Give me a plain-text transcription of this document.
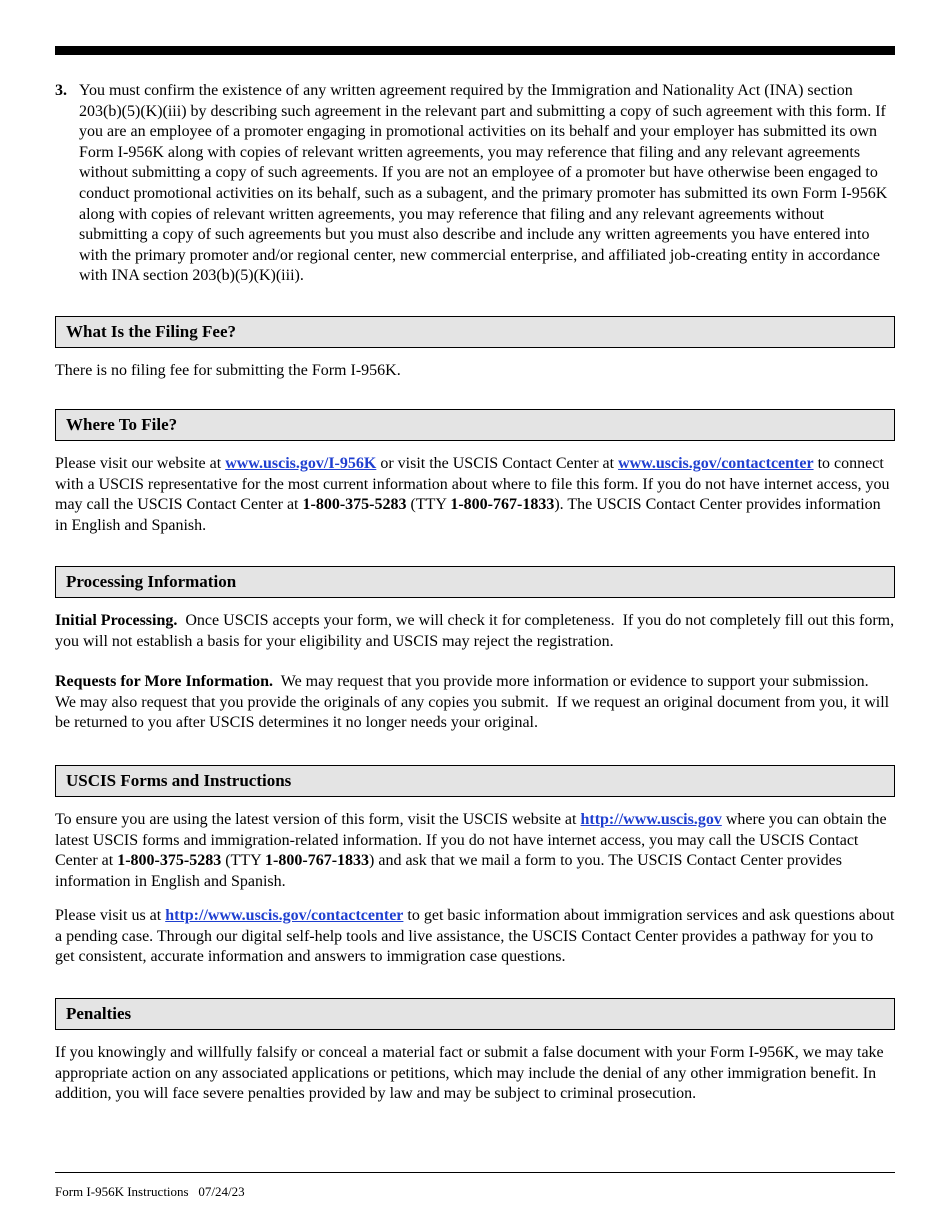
3. You must confirm the existence of any written agreement required by the Immigration and Nationality Act (INA) section 203(b)(5)(K)(iii) by describing such agreement in the relevant part and submitting a copy of such agreement with this form. If you are an employee of a promoter engaging in promotional activities on its behalf and your employer has submitted its own Form I-956K along with copies of relevant written agreements, you may reference that filing and any relevant agreements without submitting a copy of such agreements. If you are not an employee of a promoter but have otherwise been engaged to conduct promotional activities on its behalf, such as a subagent, and the primary promoter has submitted its own Form I-956K along with copies of relevant written agreements, you may reference that filing and any relevant agreements without submitting a copy of such agreements but you must also describe and include any written agreements you have entered into with the primary promoter and/or regional center, new commercial enterprise, and affiliated job-creating entity in accordance with INA section 203(b)(5)(K)(iii).

What Is the Filing Fee?

There is no filing fee for submitting the Form I-956K.

Where To File?

Please visit our website at www.uscis.gov/I-956K or visit the USCIS Contact Center at www.uscis.gov/contactcenter to connect with a USCIS representative for the most current information about where to file this form. If you do not have internet access, you may call the USCIS Contact Center at 1-800-375-5283 (TTY 1-800-767-1833). The USCIS Contact Center provides information in English and Spanish.

Processing Information

Initial Processing.  Once USCIS accepts your form, we will check it for completeness.  If you do not completely fill out this form, you will not establish a basis for your eligibility and USCIS may reject the registration.

Requests for More Information.  We may request that you provide more information or evidence to support your submission.  We may also request that you provide the originals of any copies you submit.  If we request an original document from you, it will be returned to you after USCIS determines it no longer needs your original.

USCIS Forms and Instructions

To ensure you are using the latest version of this form, visit the USCIS website at http://www.uscis.gov where you can obtain the latest USCIS forms and immigration-related information. If you do not have internet access, you may call the USCIS Contact Center at 1-800-375-5283 (TTY 1-800-767-1833) and ask that we mail a form to you. The USCIS Contact Center provides information in English and Spanish.

Please visit us at http://www.uscis.gov/contactcenter to get basic information about immigration services and ask questions about a pending case. Through our digital self-help tools and live assistance, the USCIS Contact Center provides a pathway for you to get consistent, accurate information and answers to immigration case questions.

Penalties

If you knowingly and willfully falsify or conceal a material fact or submit a false document with your Form I-956K, we may take appropriate action on any associated applications or petitions, which may include the denial of any other immigration benefit. In addition, you will face severe penalties provided by law and may be subject to criminal prosecution.

Form I-956K Instructions   07/24/23
